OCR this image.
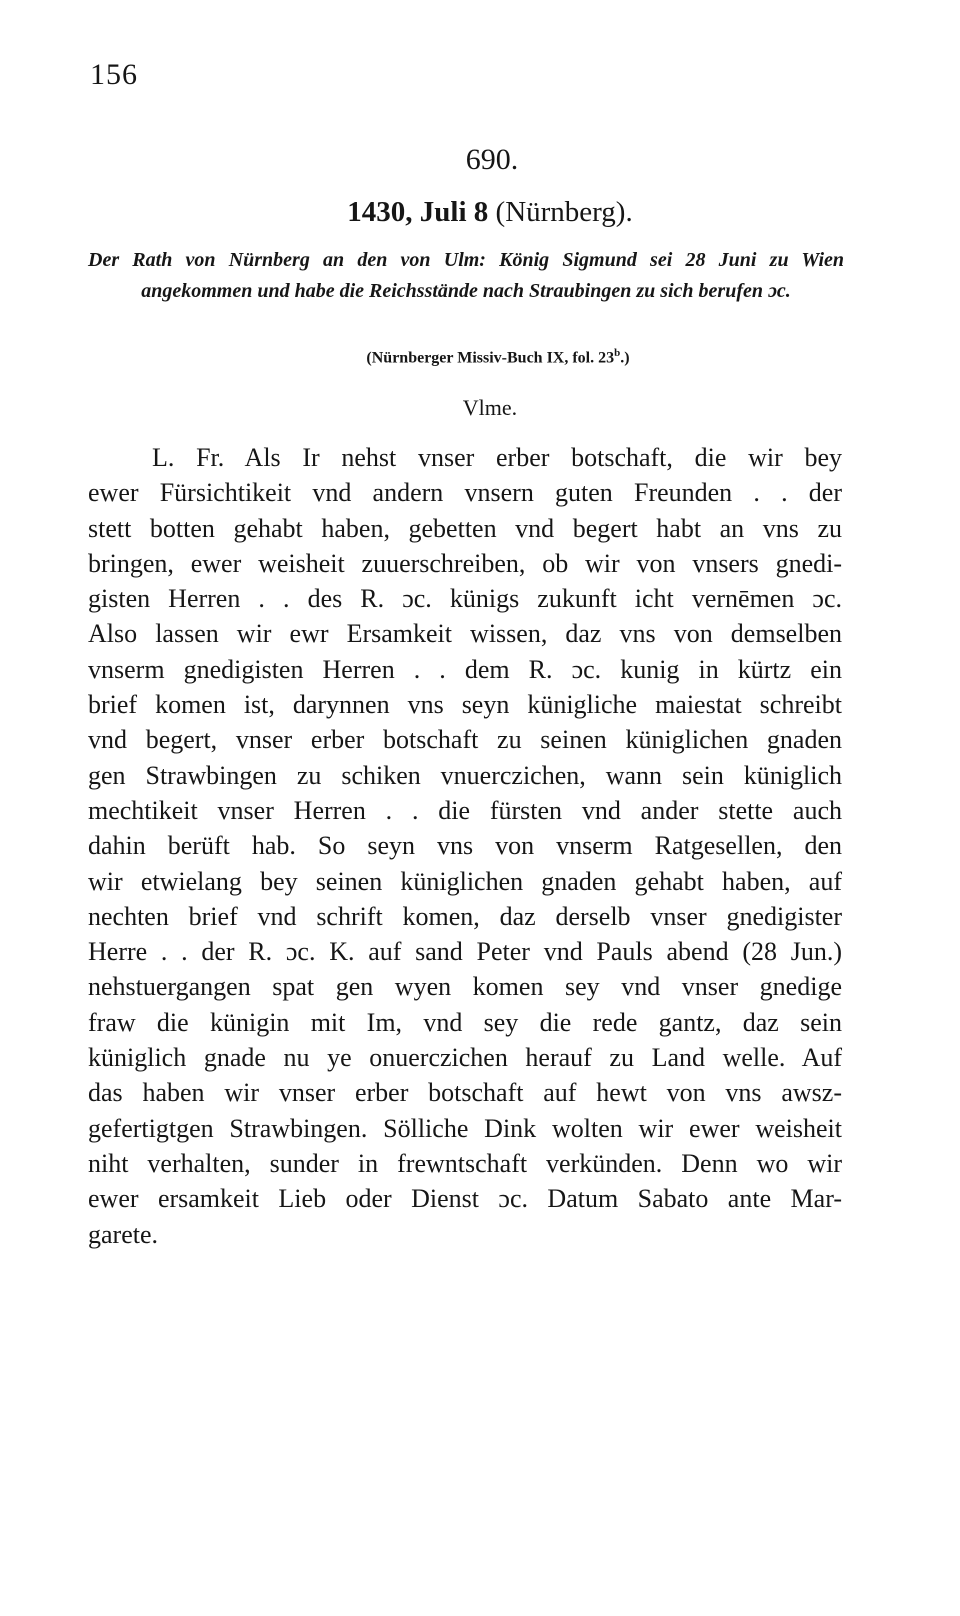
156
690.
1430, Juli 8 (Nürnberg).
Der Rath von Nürnberg an den von Ulm: König Sigmund sei 28 Juni zu Wien angekommen und habe die Reichsstände nach Straubingen zu sich berufen ɔc.
(Nürnberger Missiv-Buch IX, fol. 23$^b$.)
Vlme.
L. Fr. Als Ir nehst vnser erber botschaft, die wir bey
ewer Fürsichtikeit vnd andern vnsern guten Freunden . . der
stett botten gehabt haben, gebetten vnd begert habt an vns zu
bringen, ewer weisheit zuuerschreiben, ob wir von vnsers gnedi-
gisten Herren . . des R. ɔc. künigs zukunft icht vernēmen ɔc.
Also lassen wir ewr Ersamkeit wissen, daz vns von demselben
vnserm gnedigisten Herren . . dem R. ɔc. kunig in kürtz ein
brief komen ist, darynnen vns seyn künigliche maiestat schreibt
vnd begert, vnser erber botschaft zu seinen küniglichen gnaden
gen Strawbingen zu schiken vnuerczichen, wann sein küniglich
mechtikeit vnser Herren . . die fürsten vnd ander stette auch
dahin berüft hab. So seyn vns von vnserm Ratgesellen, den
wir etwielang bey seinen küniglichen gnaden gehabt haben, auf
nechten brief vnd schrift komen, daz derselb vnser gnedigister
Herre . . der R. ɔc. K. auf sand Peter vnd Pauls abend (28 Jun.)
nehstuergangen spat gen wyen komen sey vnd vnser gnedige
fraw die künigin mit Im, vnd sey die rede gantz, daz sein
küniglich gnade nu ye onuerczichen herauf zu Land welle. Auf
das haben wir vnser erber botschaft auf hewt von vns awsz-
gefertigtgen Strawbingen. Sölliche Dink wolten wir ewer weisheit
niht verhalten, sunder in frewntschaft verkünden. Denn wo wir
ewer ersamkeit Lieb oder Dienst ɔc. Datum Sabato ante Mar-
garete.
